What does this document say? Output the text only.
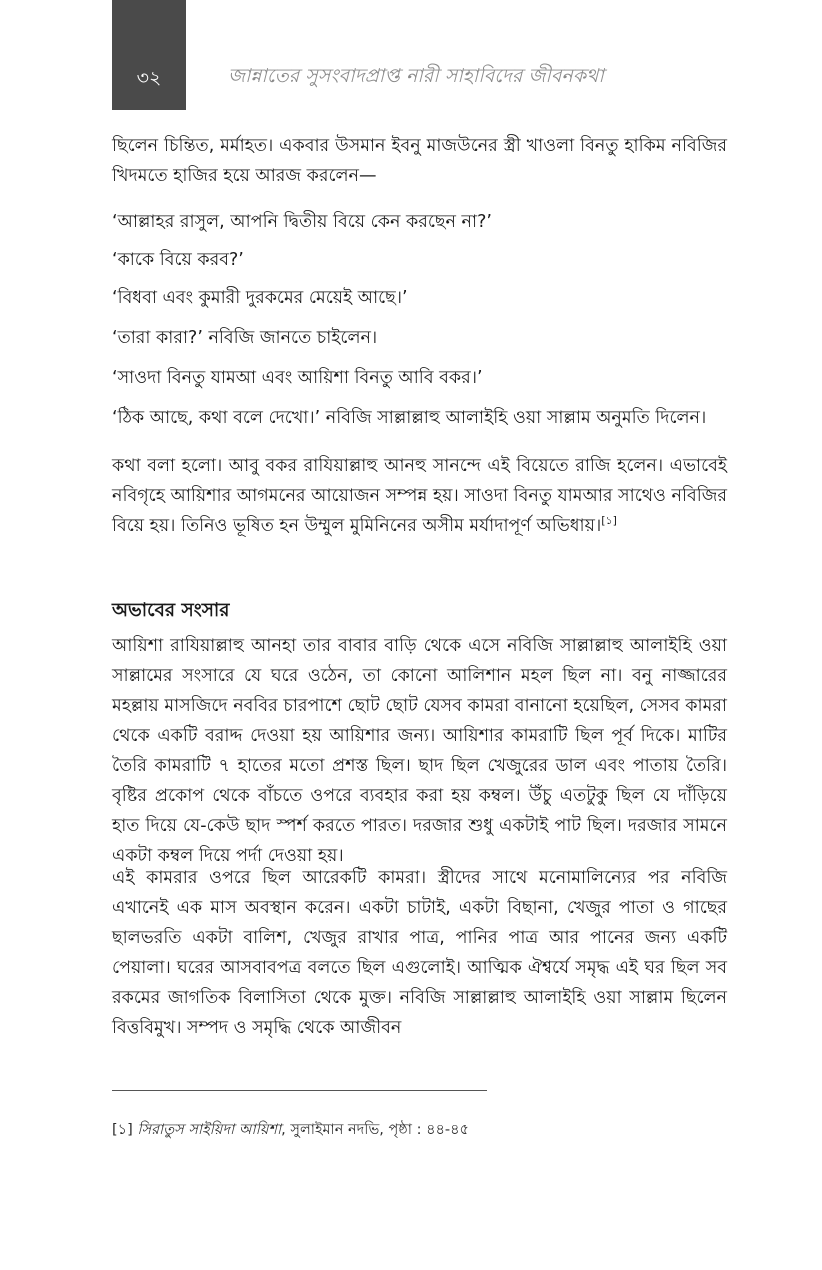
৩২	জান্নাতের সুসংবাদপ্রাপ্ত নারী সাহাবিদের জীবনকথা
ছিলেন চিন্তিত, মর্মাহত। একবার উসমান ইবনু মাজউনের স্ত্রী খাওলা বিনতু হাকিম নবিজির খিদমতে হাজির হয়ে আরজ করলেন—
‘আল্লাহর রাসুল, আপনি দ্বিতীয় বিয়ে কেন করছেন না?’
‘কাকে বিয়ে করব?’
‘বিধবা এবং কুমারী দুরকমের মেয়েই আছে।’
‘তারা কারা?’ নবিজি জানতে চাইলেন।
‘সাওদা বিনতু যামআ এবং আয়িশা বিনতু আবি বকর।’
‘ঠিক আছে, কথা বলে দেখো।’ নবিজি সাল্লাল্লাহু আলাইহি ওয়া সাল্লাম অনুমতি দিলেন।
কথা বলা হলো। আবু বকর রাযিয়াল্লাহু আনহু সানন্দে এই বিয়েতে রাজি হলেন। এভাবেই নবিগৃহে আয়িশার আগমনের আয়োজন সম্পন্ন হয়। সাওদা বিনতু যামআর সাথেও নবিজির বিয়ে হয়। তিনিও ভূষিত হন উম্মুল মুমিনিনের অসীম মর্যাদাপূর্ণ অভিধায়।[১]
অভাবের সংসার
আয়িশা রাযিয়াল্লাহু আনহা তার বাবার বাড়ি থেকে এসে নবিজি সাল্লাল্লাহু আলাইহি ওয়া সাল্লামের সংসারে যে ঘরে ওঠেন, তা কোনো আলিশান মহল ছিল না। বনু নাজ্জারের মহল্লায় মাসজিদে নববির চারপাশে ছোট ছোট যেসব কামরা বানানো হয়েছিল, সেসব কামরা থেকে একটি বরাদ্দ দেওয়া হয় আয়িশার জন্য। আয়িশার কামরাটি ছিল পূর্ব দিকে। মাটির তৈরি কামরাটি ৭ হাতের মতো প্রশস্ত ছিল। ছাদ ছিল খেজুরের ডাল এবং পাতায় তৈরি। বৃষ্টির প্রকোপ থেকে বাঁচতে ওপরে ব্যবহার করা হয় কম্বল। উঁচু এতটুকু ছিল যে দাঁড়িয়ে হাত দিয়ে যে-কেউ ছাদ স্পর্শ করতে পারত। দরজার শুধু একটাই পাট ছিল। দরজার সামনে একটা কম্বল দিয়ে পর্দা দেওয়া হয়।
এই কামরার ওপরে ছিল আরেকটি কামরা। স্ত্রীদের সাথে মনোমালিন্যের পর নবিজি এখানেই এক মাস অবস্থান করেন। একটা চাটাই, একটা বিছানা, খেজুর পাতা ও গাছের ছালভরতি একটা বালিশ, খেজুর রাখার পাত্র, পানির পাত্র আর পানের জন্য একটি পেয়ালা। ঘরের আসবাবপত্র বলতে ছিল এগুলোই। আত্মিক ঐশ্বর্যে সমৃদ্ধ এই ঘর ছিল সব রকমের জাগতিক বিলাসিতা থেকে মুক্ত। নবিজি সাল্লাল্লাহু আলাইহি ওয়া সাল্লাম ছিলেন বিত্তবিমুখ। সম্পদ ও সমৃদ্ধি থেকে আজীবন
[১] সিরাতুস সাইয়িদা আয়িশা, সুলাইমান নদভি, পৃষ্ঠা : ৪৪-৪৫
